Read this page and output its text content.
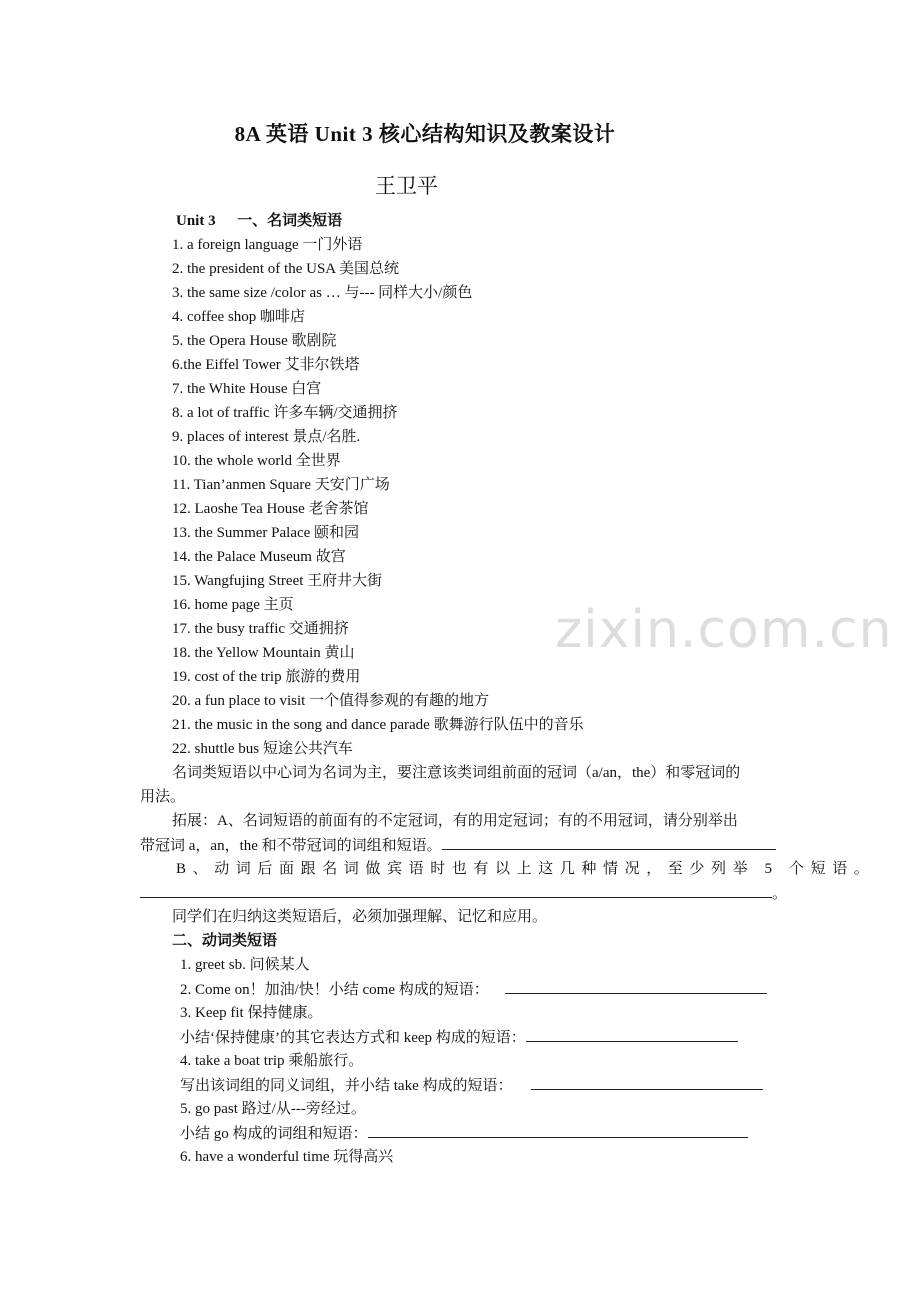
8A 英语 Unit 3 核心结构知识及教案设计
王卫平
zixin.com.cn
Unit 3 一、名词类短语
1. a foreign language 一门外语
2. the president of the USA 美国总统
3. the same size /color as … 与--- 同样大小/颜色
4. coffee shop 咖啡店
5. the Opera House 歌剧院
6.the Eiffel Tower 艾非尔铁塔
7. the White House 白宫
8. a lot of traffic 许多车辆/交通拥挤
9. places of interest 景点/名胜.
10. the whole world 全世界
11. Tian’anmen Square 天安门广场
12. Laoshe Tea House 老舍茶馆
13. the Summer Palace 颐和园
14. the Palace Museum 故宫
15. Wangfujing Street 王府井大街
16. home page 主页
17. the busy traffic 交通拥挤
18. the Yellow Mountain 黄山
19. cost of the trip 旅游的费用
20. a fun place to visit 一个值得参观的有趣的地方
21. the music in the song and dance parade 歌舞游行队伍中的音乐
22. shuttle bus 短途公共汽车
名词类短语以中心词为名词为主，要注意该类词组前面的冠词（a/an，the）和零冠词的
用法。
拓展：A、名词短语的前面有的不定冠词，有的用定冠词；有的不用冠词，请分别举出
带冠词 a，an，the 和不带冠词的词组和短语。
B、动词后面跟名词做宾语时也有以上这几种情况，至少列举 5 个短语。
。
同学们在归纳这类短语后，必须加强理解、记忆和应用。
二、动词类短语
1. greet sb. 问候某人
2. Come on！加油/快！小结 come 构成的短语：
3. Keep fit 保持健康。
小结‘保持健康’的其它表达方式和 keep 构成的短语：
4. take a boat trip 乘船旅行。
写出该词组的同义词组，并小结 take 构成的短语：
5. go past 路过/从---旁经过。
小结 go 构成的词组和短语：
6. have a wonderful time 玩得高兴
